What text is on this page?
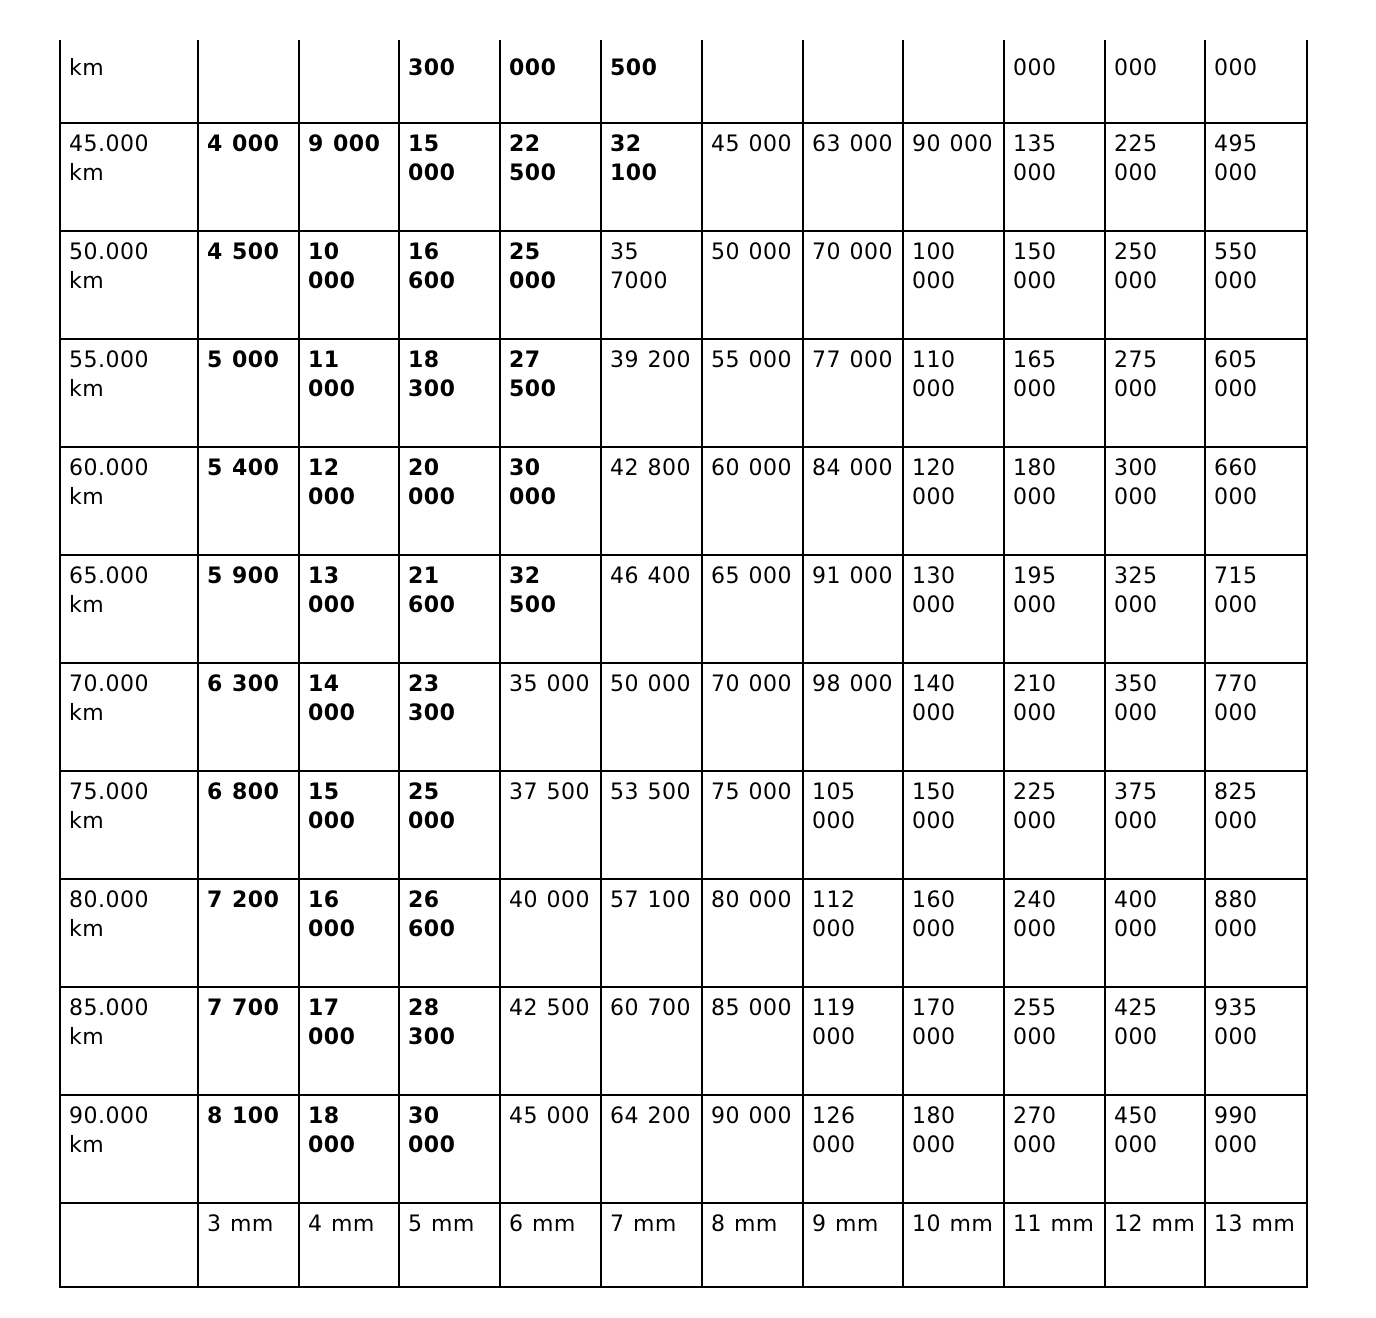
km			300	000	500				000	000	000
45.000 km	4 000	9 000	15 000	22 500	32 100	45 000	63 000	90 000	135 000	225 000	495 000
50.000 km	4 500	10 000	16 600	25 000	35 7000	50 000	70 000	100 000	150 000	250 000	550 000
55.000 km	5 000	11 000	18 300	27 500	39 200	55 000	77 000	110 000	165 000	275 000	605 000
60.000 km	5 400	12 000	20 000	30 000	42 800	60 000	84 000	120 000	180 000	300 000	660 000
65.000 km	5 900	13 000	21 600	32 500	46 400	65 000	91 000	130 000	195 000	325 000	715 000
70.000 km	6 300	14 000	23 300	35 000	50 000	70 000	98 000	140 000	210 000	350 000	770 000
75.000 km	6 800	15 000	25 000	37 500	53 500	75 000	105 000	150 000	225 000	375 000	825 000
80.000 km	7 200	16 000	26 600	40 000	57 100	80 000	112 000	160 000	240 000	400 000	880 000
85.000 km	7 700	17 000	28 300	42 500	60 700	85 000	119 000	170 000	255 000	425 000	935 000
90.000 km	8 100	18 000	30 000	45 000	64 200	90 000	126 000	180 000	270 000	450 000	990 000
	3 mm	4 mm	5 mm	6 mm	7 mm	8 mm	9 mm	10 mm	11 mm	12 mm	13 mm
